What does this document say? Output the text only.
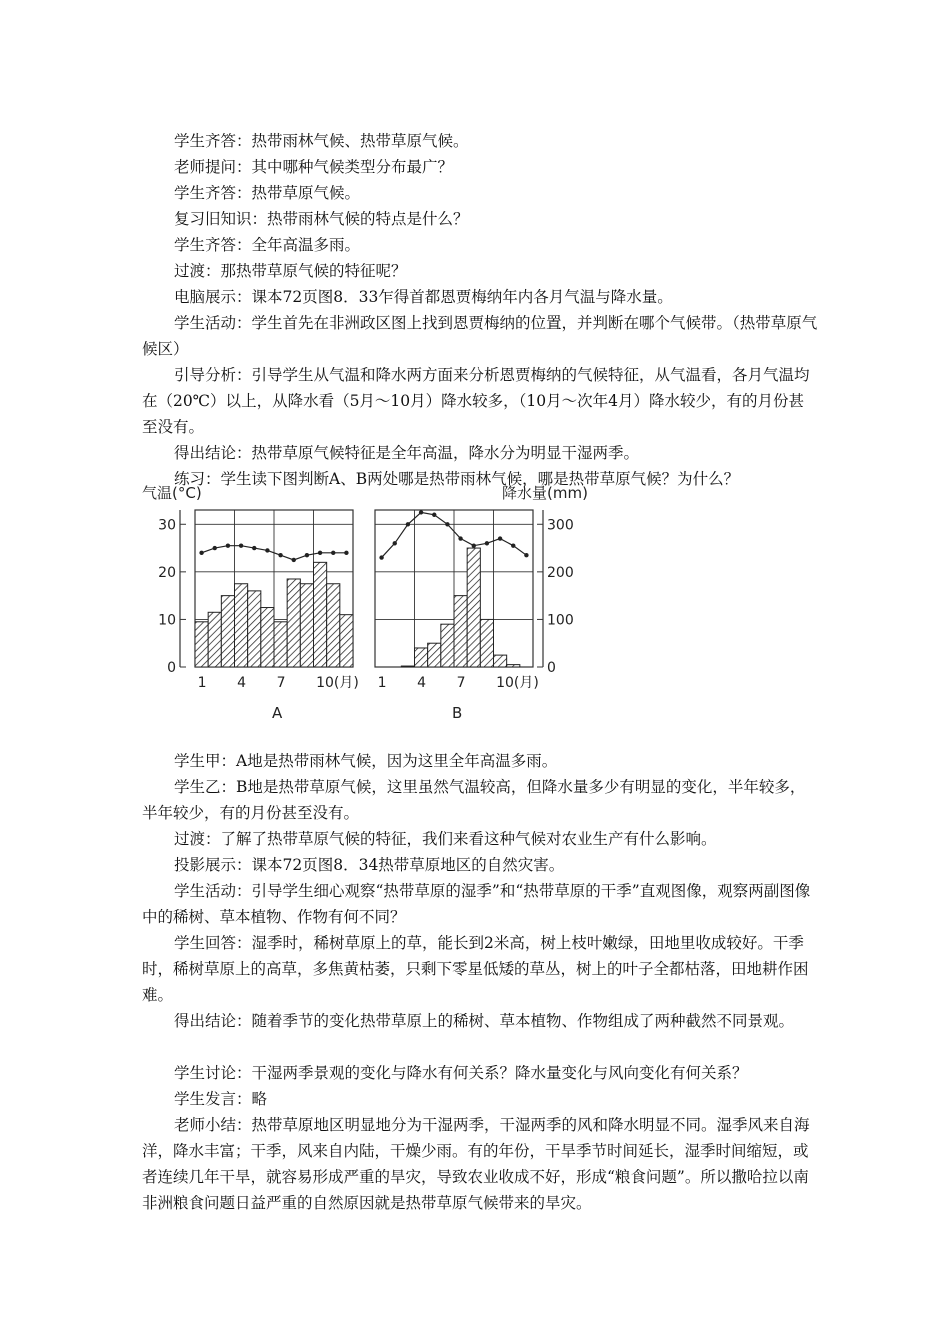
学生齐答：热带雨林气候、热带草原气候。
老师提问：其中哪种气候类型分布最广？
学生齐答：热带草原气候。
复习旧知识：热带雨林气候的特点是什么？
学生齐答：全年高温多雨。
过渡：那热带草原气候的特征呢？
电脑展示：课本72页图8．33乍得首都恩贾梅纳年内各月气温与降水量。
学生活动：学生首先在非洲政区图上找到恩贾梅纳的位置，并判断在哪个气候带。（热带草原气候区）
引导分析：引导学生从气温和降水两方面来分析恩贾梅纳的气候特征，从气温看，各月气温均在（20℃）以上，从降水看（5月～10月）降水较多，（10月～次年4月）降水较少，有的月份甚至没有。
得出结论：热带草原气候特征是全年高温，降水分为明显干湿两季。
练习：学生读下图判断A、B两处哪是热带雨林气候，哪是热带草原气候？为什么？
气温(°C)	降水量(mm)
1 4 7 10(月)
30
20
10
0
1 4 7 10(月)
300
200
100
0
A	B
学生甲：A地是热带雨林气候，因为这里全年高温多雨。
学生乙：B地是热带草原气候，这里虽然气温较高，但降水量多少有明显的变化，半年较多，半年较少，有的月份甚至没有。
过渡：了解了热带草原气候的特征，我们来看这种气候对农业生产有什么影响。
投影展示：课本72页图8．34热带草原地区的自然灾害。
学生活动：引导学生细心观察“热带草原的湿季”和“热带草原的干季”直观图像，观察两副图像中的稀树、草本植物、作物有何不同？
学生回答：湿季时，稀树草原上的草，能长到2米高，树上枝叶嫩绿，田地里收成较好。干季时，稀树草原上的高草，多焦黄枯萎，只剩下零星低矮的草丛，树上的叶子全都枯落，田地耕作困难。
得出结论：随着季节的变化热带草原上的稀树、草本植物、作物组成了两种截然不同景观。
学生讨论：干湿两季景观的变化与降水有何关系？降水量变化与风向变化有何关系？
学生发言：略
老师小结：热带草原地区明显地分为干湿两季，干湿两季的风和降水明显不同。湿季风来自海洋，降水丰富；干季，风来自内陆，干燥少雨。有的年份，干旱季节时间延长，湿季时间缩短，或者连续几年干旱，就容易形成严重的旱灾，导致农业收成不好，形成“粮食问题”。所以撒哈拉以南非洲粮食问题日益严重的自然原因就是热带草原气候带来的旱灾。
